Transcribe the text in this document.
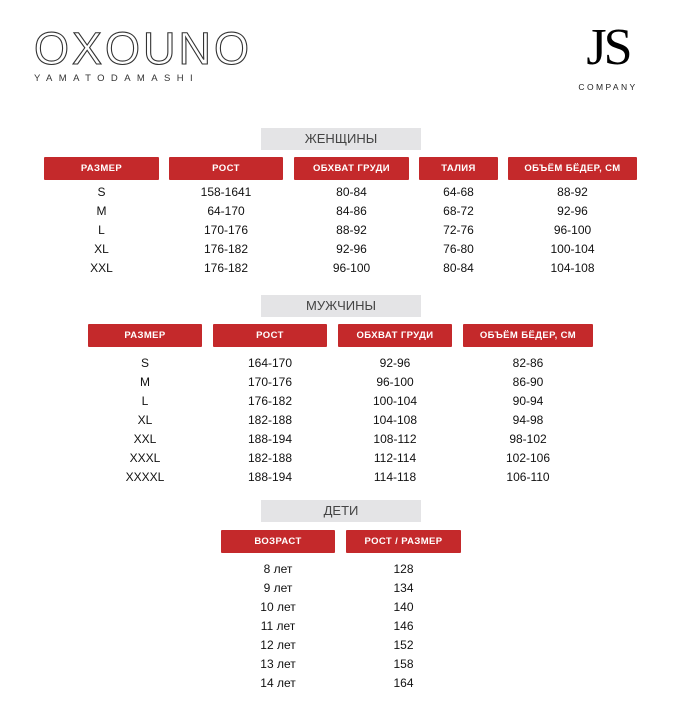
OXOUNO
YAMATODAMASHI
JS
COMPANY
ЖЕНЩИНЫ
РАЗМЕР	РОСТ	ОБХВАТ ГРУДИ	ТАЛИЯ	ОБЪЁМ БЁДЕР, СМ
S	158-1641	80-84	64-68	88-92
M	64-170	84-86	68-72	92-96
L	170-176	88-92	72-76	96-100
XL	176-182	92-96	76-80	100-104
XXL	176-182	96-100	80-84	104-108
МУЖЧИНЫ
РАЗМЕР	РОСТ	ОБХВАТ ГРУДИ	ОБЪЁМ БЁДЕР, СМ
S	164-170	92-96	82-86
M	170-176	96-100	86-90
L	176-182	100-104	90-94
XL	182-188	104-108	94-98
XXL	188-194	108-112	98-102
XXXL	182-188	112-114	102-106
XXXXL	188-194	114-118	106-110
ДЕТИ
ВОЗРАСТ	РОСТ / РАЗМЕР
8 лет	128
9 лет	134
10 лет	140
11 лет	146
12 лет	152
13 лет	158
14 лет	164
